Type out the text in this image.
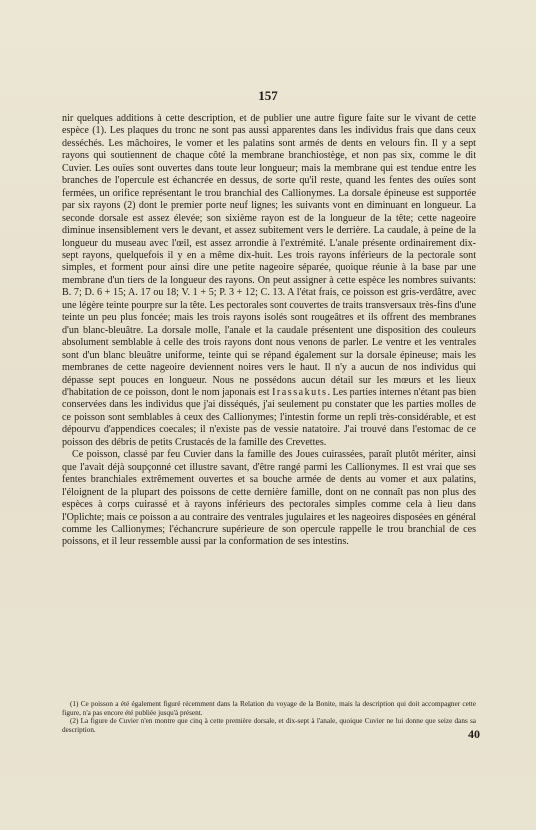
157

nir quelques additions à cette description, et de publier une autre figure faite sur le vivant de cette espèce (1). Les plaques du tronc ne sont pas aussi apparentes dans les individus frais que dans ceux desséchés. Les mâchoires, le vomer et les palatins sont armés de dents en velours fin. Il y a sept rayons qui soutiennent de chaque côté la membrane branchiostège, et non pas six, comme le dit Cuvier. Les ouïes sont ouvertes dans toute leur longueur; mais la membrane qui est tendue entre les branches de l'opercule est échancrée en dessus, de sorte qu'il reste, quand les fentes des ouïes sont fermées, un orifice représentant le trou branchial des Callionymes. La dorsale épineuse est supportée par six rayons (2) dont le premier porte neuf lignes; les suivants vont en diminuant en longueur. La seconde dorsale est assez élevée; son sixième rayon est de la longueur de la tête; cette nageoire diminue insensiblement vers le devant, et assez subitement vers le derrière. La caudale, à peine de la longueur du museau avec l'œil, est assez arrondie à l'extrémité. L'anale présente ordinairement dix-sept rayons, quelquefois il y en a même dix-huit. Les trois rayons inférieurs de la pectorale sont simples, et forment pour ainsi dire une petite nageoire séparée, quoique réunie à la base par une membrane d'un tiers de la longueur des rayons. On peut assigner à cette espèce les nombres suivants: B. 7; D. 6 + 15; A. 17 ou 18; V. 1 + 5; P. 3 + 12; C. 13. A l'état frais, ce poisson est gris-verdâtre, avec une légère teinte pourpre sur la tête. Les pectorales sont couvertes de traits transversaux très-fins d'une teinte un peu plus foncée; mais les trois rayons isolés sont rougeâtres et ils offrent des membranes d'un blanc-bleuâtre. La dorsale molle, l'anale et la caudale présentent une disposition des couleurs absolument semblable à celle des trois rayons dont nous venons de parler. Le ventre et les ventrales sont d'un blanc bleuâtre uniforme, teinte qui se répand également sur la dorsale épineuse; mais les membranes de cette nageoire deviennent noires vers le haut. Il n'y a aucun de nos individus qui dépasse sept pouces en longueur. Nous ne possédons aucun détail sur les mœurs et les lieux d'habitation de ce poisson, dont le nom japonais est Irassakuts. Les parties internes n'étant pas bien conservées dans les individus que j'ai disséqués, j'ai seulement pu constater que les parties molles de ce poisson sont semblables à ceux des Callionymes; l'intestin forme un repli très-considérable, et est dépourvu d'appendices coecales; il n'existe pas de vessie natatoire. J'ai trouvé dans l'estomac de ce poisson des débris de petits Crustacés de la famille des Crevettes.

Ce poisson, classé par feu Cuvier dans la famille des Joues cuirassées, paraît plutôt mériter, ainsi que l'avait déjà soupçonné cet illustre savant, d'être rangé parmi les Callionymes. Il est vrai que ses fentes branchiales extrêmement ouvertes et sa bouche armée de dents au vomer et aux palatins, l'éloignent de la plupart des poissons de cette dernière famille, dont on ne connaît pas non plus des espèces à corps cuirassé et à rayons inférieurs des pectorales simples comme cela à lieu dans l'Oplichte; mais ce poisson a au contraire des ventrales jugulaires et les nageoires disposées en général comme les Callionymes; l'échancrure supérieure de son opercule rappelle le trou branchial de ces poissons, et il leur ressemble aussi par la conformation de ses intestins.

(1) Ce poisson a été également figuré récemment dans la Relation du voyage de la Bonite, mais la description qui doit accompagner cette figure, n'a pas encore été publiée jusqu'à présent.

(2) La figure de Cuvier n'en montre que cinq à cette première dorsale, et dix-sept à l'anale, quoique Cuvier ne lui donne que seize dans sa description.	40
